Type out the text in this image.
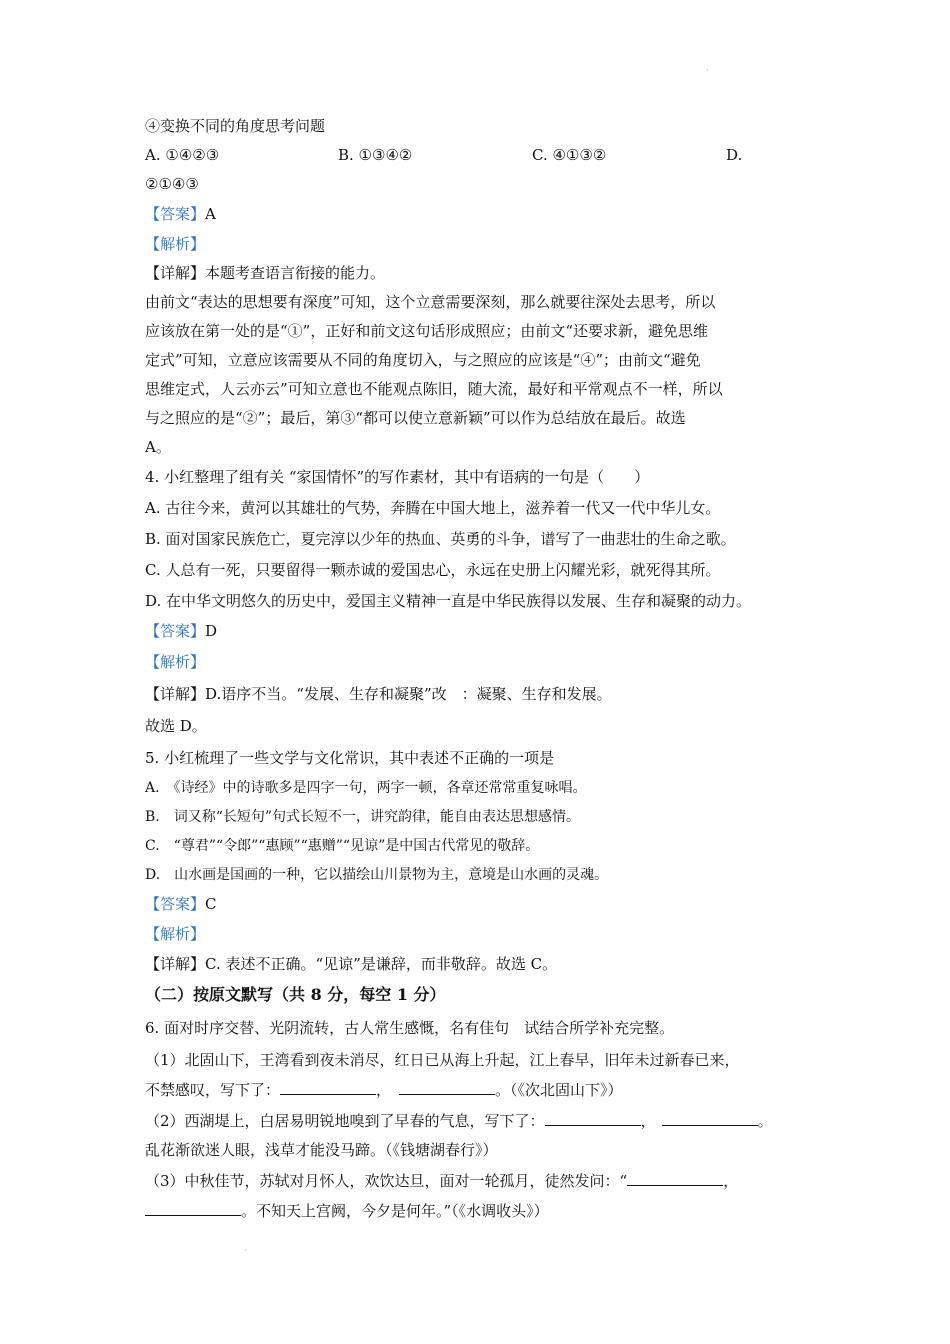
·
④变换不同的角度思考问题
A. ①④②③	B. ①③④②	C. ④①③②	D.
②①④③
【答案】A
【解析】
【详解】本题考查语言衔接的能力。
由前文“表达的思想要有深度”可知，这个立意需要深刻，那么就要往深处去思考，所以
应该放在第一处的是“①”，正好和前文这句话形成照应；由前文“还要求新，避免思维
定式”可知，立意应该需要从不同的角度切入，与之照应的应该是“④”；由前文“避免
思维定式，人云亦云”可知立意也不能观点陈旧，随大流，最好和平常观点不一样，所以
与之照应的是“②”；最后，第③“都可以使立意新颖”可以作为总结放在最后。故选
A。
4. 小红整理了组有关 “家国情怀”的写作素材，其中有语病的一句是（　　）
A. 古往今来，黄河以其雄壮的气势，奔腾在中国大地上，滋养着一代又一代中华儿女。
B. 面对国家民族危亡，夏完淳以少年的热血、英勇的斗争，谱写了一曲悲壮的生命之歌。
C. 人总有一死，只要留得一颗赤诚的爱国忠心，永远在史册上闪耀光彩，就死得其所。
D. 在中华文明悠久的历史中，爱国主义精神一直是中华民族得以发展、生存和凝聚的动力。
【答案】D
【解析】
【详解】D.语序不当。“发展、生存和凝聚”改　：凝聚、生存和发展。
故选 D。
5. 小红梳理了一些文学与文化常识，其中表述不正确的一项是
A.　《诗经》中的诗歌多是四字一句，两字一顿，各章还常常重复咏唱。
B.　词又称“长短句”句式长短不一，讲究韵律，能自由表达思想感情。
C.　“尊君”“令郎”“惠顾”“惠赠”“见谅”是中国古代常见的敬辞。
D.　山水画是国画的一种，它以描绘山川景物为主，意境是山水画的灵魂。
【答案】C
【解析】
【详解】C. 表述不正确。“见谅”是谦辞，而非敬辞。故选 C。
（二）按原文默写（共 8 分，每空 1 分）
6. 面对时序交替、光阴流转，古人常生感慨，名有佳句　试结合所学补充完整。
（1）北固山下，王湾看到夜未消尽，红日已从海上升起，江上春早，旧年未过新春已来，
不禁感叹，写下了：	，	。（《次北固山下》）
（2）西湖堤上，白居易明锐地嗅到了早春的气息，写下了：	，	。
乱花渐欲迷人眼，浅草才能没马蹄。（《钱塘湖春行》）
（3）中秋佳节，苏轼对月怀人，欢饮达旦，面对一轮孤月，徒然发问：“	，
。不知天上宫阙，今夕是何年。”（《水调收头》）
·
